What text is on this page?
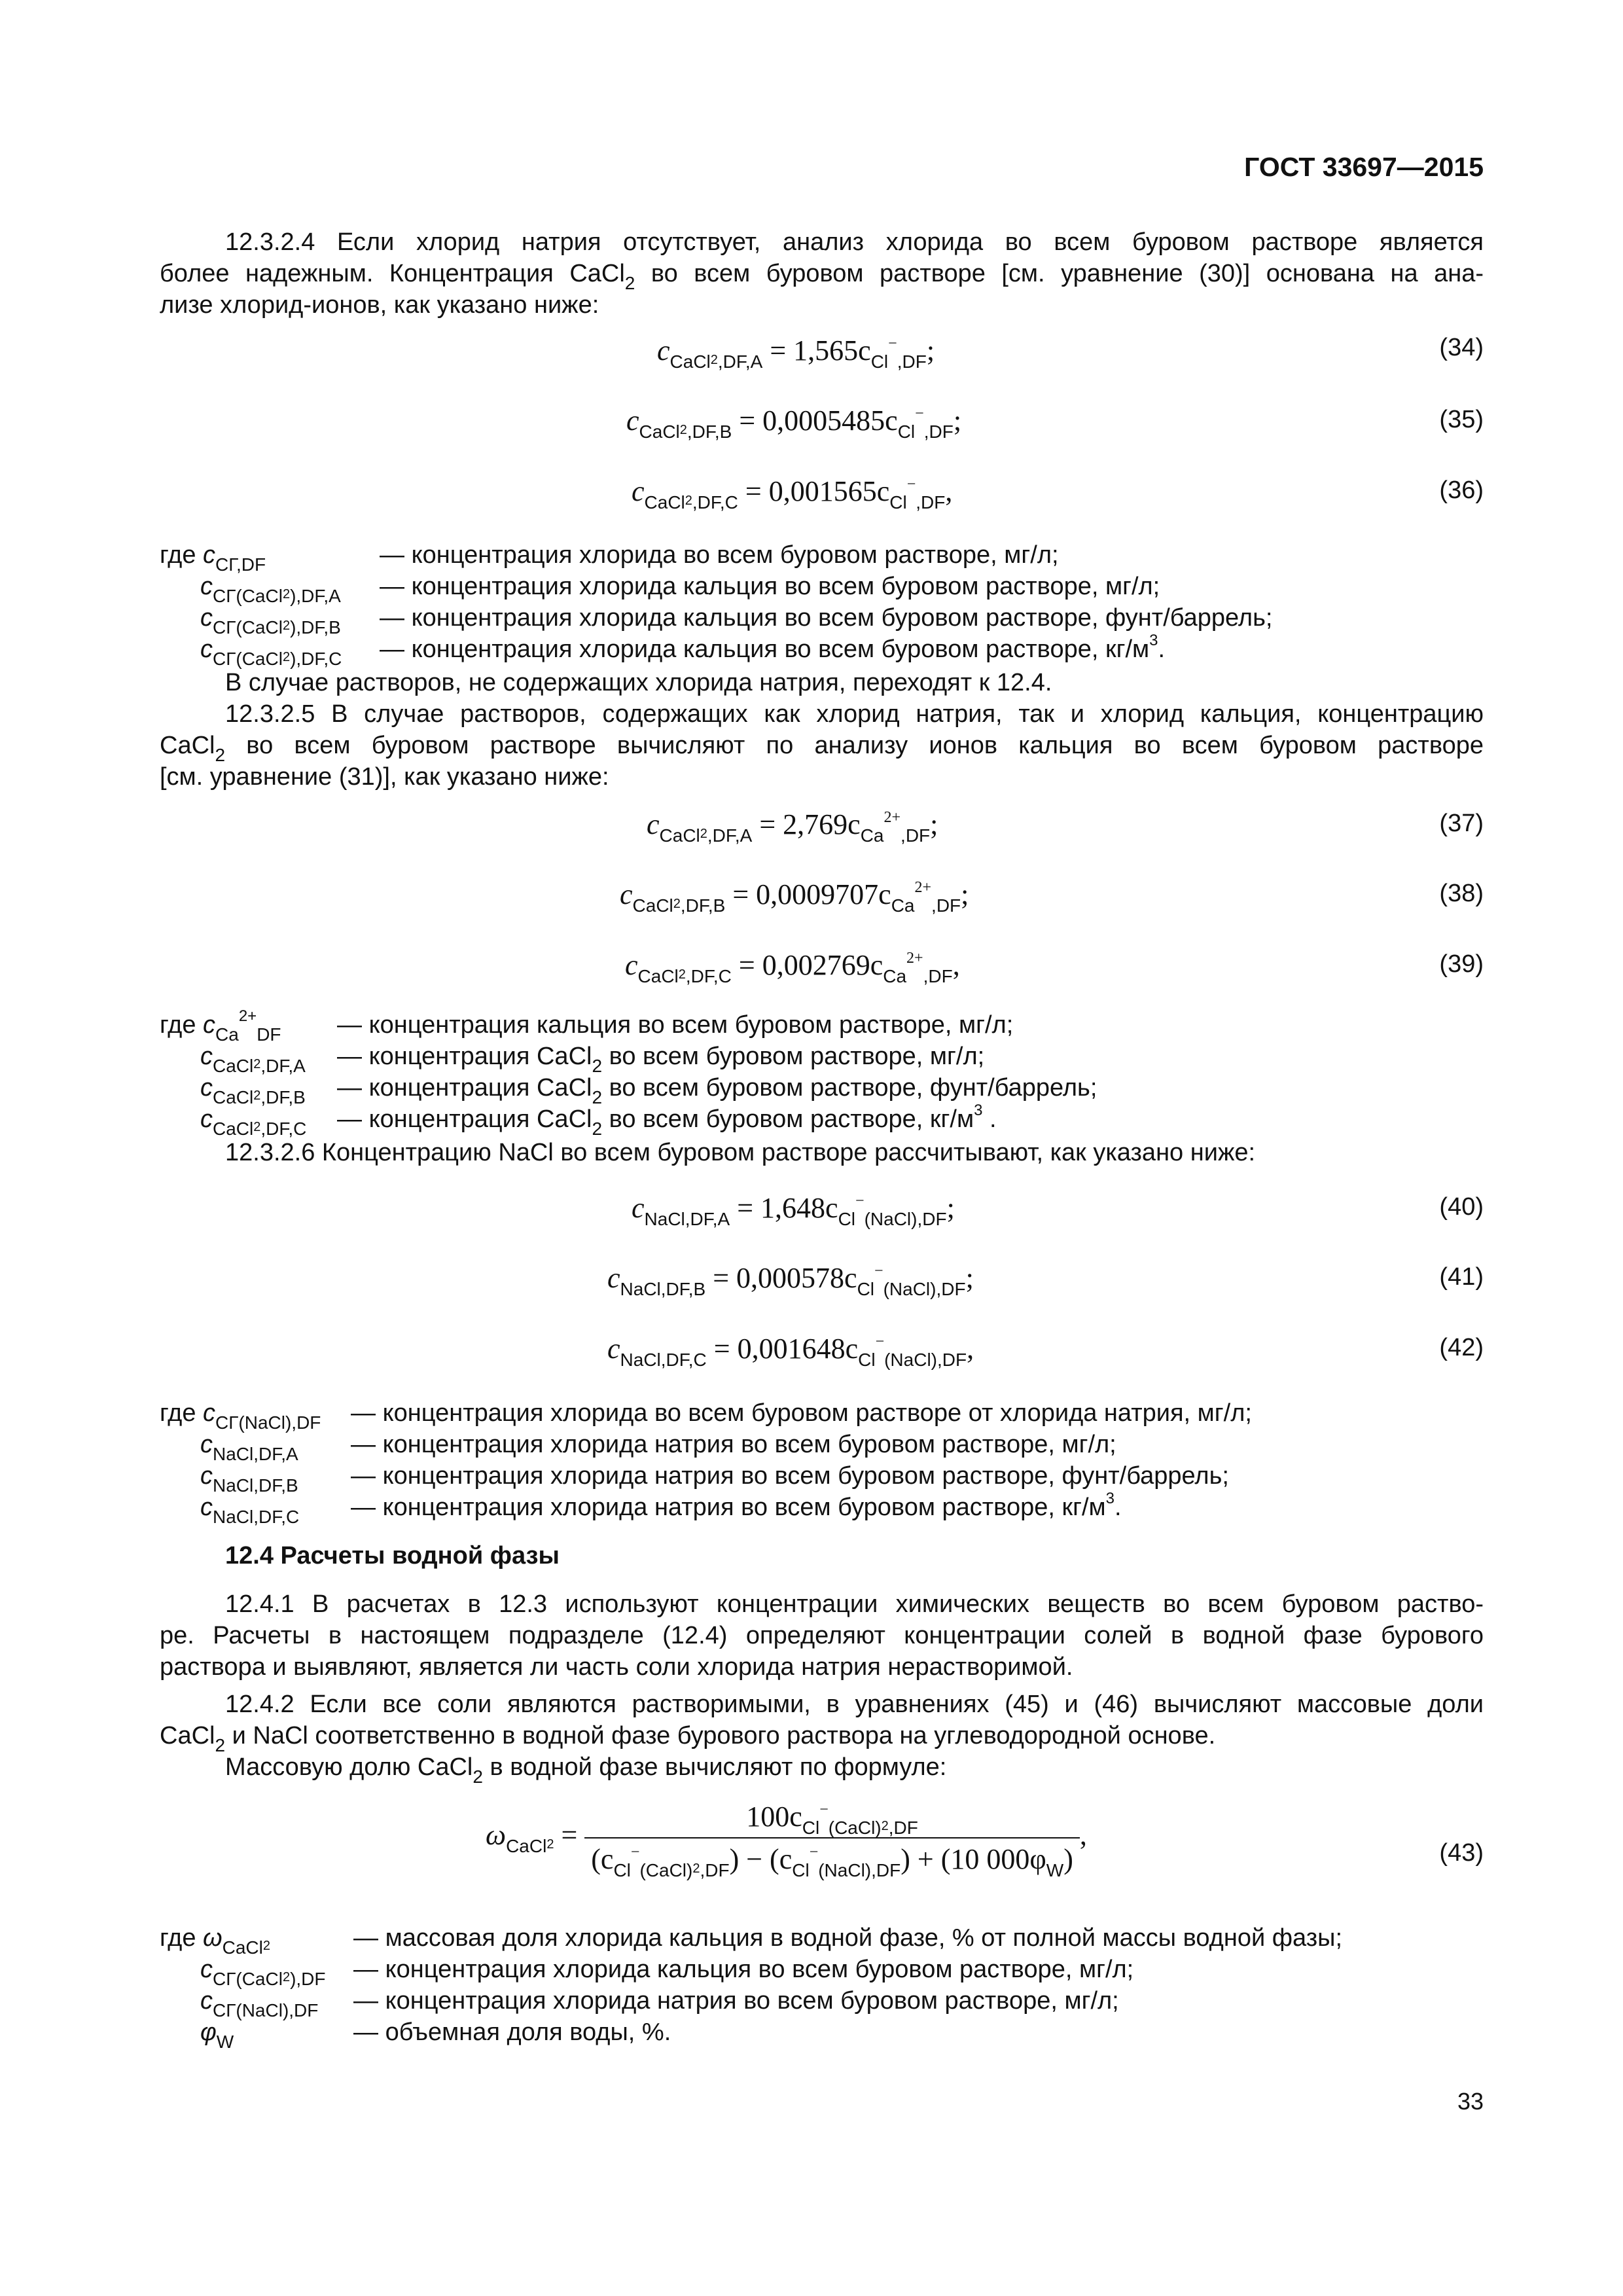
ГОСТ 33697—2015
12.3.2.4 Если хлорид натрия отсутствует, анализ хлорида во всем буровом растворе является
более надежным. Концентрация CaCl$_2$ во всем буровом растворе [см. уравнение (30)] основана на ана-
лизе хлорид-ионов, как указано ниже:
$c_{CaCl2,DF,A} = 1,565c_{Cl}^-_{,DF}$;	(34)
$c_{CaCl2,DF,B} = 0,0005485c_{Cl}^-_{,DF}$;	(35)
$c_{CaCl2,DF,C} = 0,001565c_{Cl}^-_{,DF}$,	(36)
где $c_{CГ,DF}$	— концентрация хлорида во всем буровом растворе, мг/л;
$c_{CГ(CaCl2),DF,A}$ — концентрация хлорида кальция во всем буровом растворе, мг/л;
$c_{CГ(CaCl2),DF,B}$ — концентрация хлорида кальция во всем буровом растворе, фунт/баррель;
$c_{CГ(CaCl2),DF,C}$ — концентрация хлорида кальция во всем буровом растворе, $кг/м^3$.
В случае растворов, не содержащих хлорида натрия, переходят к 12.4.
12.3.2.5 В случае растворов, содержащих как хлорид натрия, так и хлорид кальция, концентрацию
CaCl$_2$ во всем буровом растворе вычисляют по анализу ионов кальция во всем буровом растворе
[см. уравнение (31)], как указано ниже:
$c_{CaCl2,DF,A} = 2,769c_{Ca}^{2+}_{,DF}$;	(37)
$c_{CaCl2,DF,B} = 0,0009707c_{Ca}^{2+}_{,DF}$;	(38)
$c_{CaCl2,DF,C} = 0,002769c_{Ca}^{2+}_{,DF}$,	(39)
где $c_{Ca}^{2+}_{DF}$ — концентрация кальция во всем буровом растворе, мг/л;
$c_{CaCl2,DF,A}$ — концентрация CaCl$_2$ во всем буровом растворе, мг/л;
$c_{CaCl2,DF,B}$ — концентрация CaCl$_2$ во всем буровом растворе, фунт/баррель;
$c_{CaCl2,DF,C}$ — концентрация CaCl$_2$ во всем буровом растворе, $кг/м^3$ .
12.3.2.6 Концентрацию NaCl во всем буровом растворе рассчитывают, как указано ниже:
$c_{NaCl,DF,A} = 1,648c_{Cl}^-_{(NaCl),DF}$;	(40)
$c_{NaCl,DF,B} = 0,000578c_{Cl}^-_{(NaCl),DF}$;	(41)
$c_{NaCl,DF,C} = 0,001648c_{Cl}^-_{(NaCl),DF}$,	(42)
где $c_{CГ(NaCl),DF}$ — концентрация хлорида во всем буровом растворе от хлорида натрия, мг/л;
$c_{NaCl,DF,A}$ — концентрация хлорида натрия во всем буровом растворе, мг/л;
$c_{NaCl,DF,B}$ — концентрация хлорида натрия во всем буровом растворе, фунт/баррель;
$c_{NaCl,DF,C}$ — концентрация хлорида натрия во всем буровом растворе, $кг/м^3$.
12.4 Расчеты водной фазы
12.4.1 В расчетах в 12.3 используют концентрации химических веществ во всем буровом раство-
ре. Расчеты в настоящем подразделе (12.4) определяют концентрации солей в водной фазе бурового
раствора и выявляют, является ли часть соли хлорида натрия нерастворимой.
12.4.2 Если все соли являются растворимыми, в уравнениях (45) и (46) вычисляют массовые доли
CaCl$_2$ и NaCl соответственно в водной фазе бурового раствора на углеводородной основе.
Массовую долю CaCl$_2$ в водной фазе вычисляют по формуле:
$\omega_{CaCl2} = \frac{100c_{Cl}^-_{(CaCl)2,DF}}{(c_{Cl}^-_{(CaCl)2,DF}) - (c_{Cl}^-_{(NaCl),DF}) + (10 000\varphi_W)}$ ,
(43)
где $\omega_{CaCl2}$	— массовая доля хлорида кальция в водной фазе, % от полной массы водной фазы;
$c_{CГ(CaCl2),DF}$ — концентрация хлорида кальция во всем буровом растворе, мг/л;
$c_{CГ(NaCl),DF}$ — концентрация хлорида натрия во всем буровом растворе, мг/л;
$\varphi_W$	— объемная доля воды, %.
33
